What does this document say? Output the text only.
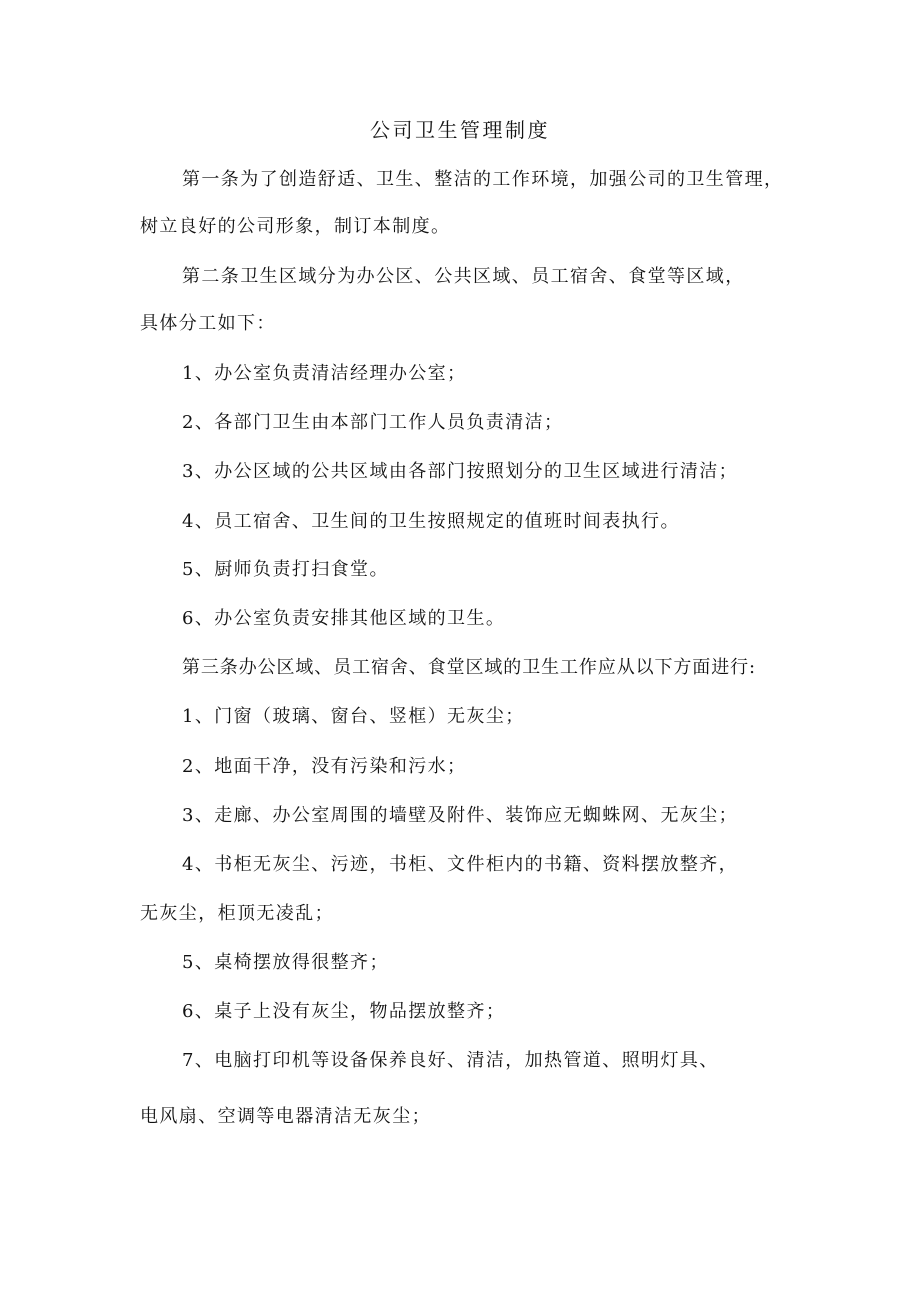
公司卫生管理制度

第一条为了创造舒适、卫生、整洁的工作环境，加强公司的卫生管理，

树立良好的公司形象，制订本制度。

第二条卫生区域分为办公区、公共区域、员工宿舍、食堂等区域，

具体分工如下：

1、办公室负责清洁经理办公室；

2、各部门卫生由本部门工作人员负责清洁；

3、办公区域的公共区域由各部门按照划分的卫生区域进行清洁；

4、员工宿舍、卫生间的卫生按照规定的值班时间表执行。

5、厨师负责打扫食堂。

6、办公室负责安排其他区域的卫生。

第三条办公区域、员工宿舍、食堂区域的卫生工作应从以下方面进行:

1、门窗（玻璃、窗台、竖框）无灰尘；

2、地面干净，没有污染和污水；

3、走廊、办公室周围的墙壁及附件、装饰应无蜘蛛网、无灰尘；

4、书柜无灰尘、污迹，书柜、文件柜内的书籍、资料摆放整齐，

无灰尘，柜顶无凌乱；

5、桌椅摆放得很整齐；

6、桌子上没有灰尘，物品摆放整齐；

7、电脑打印机等设备保养良好、清洁，加热管道、照明灯具、

电风扇、空调等电器清洁无灰尘；
